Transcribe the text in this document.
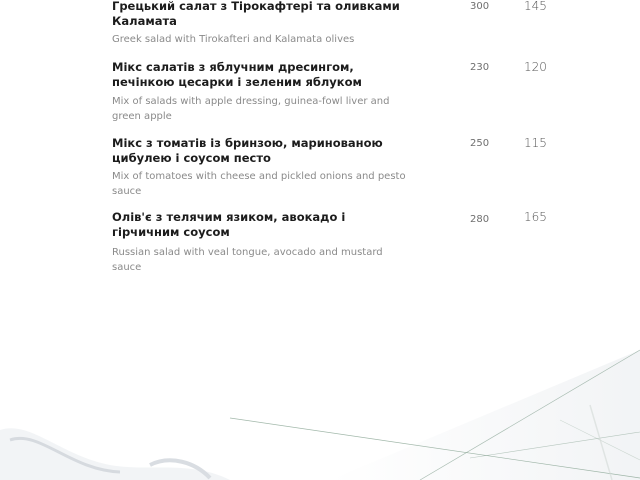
Грецький салат з Тірокафтері та оливками Каламата

Greek salad with Tirokafteri and Kalamata olives

300	145

Мікс салатів з яблучним дресингом, печінкою цесарки і зеленим яблуком

Mix of salads with apple dressing, guinea-fowl liver and green apple

230	120

Мікс з томатів із бринзою, маринованою цибулею і соусом песто

Mix of tomatoes with cheese and pickled onions and pesto sauce

250	115

Олів'є з телячим язиком, авокадо і гірчичним соусом

Russian salad with veal tongue, avocado and mustard sauce

280	165
